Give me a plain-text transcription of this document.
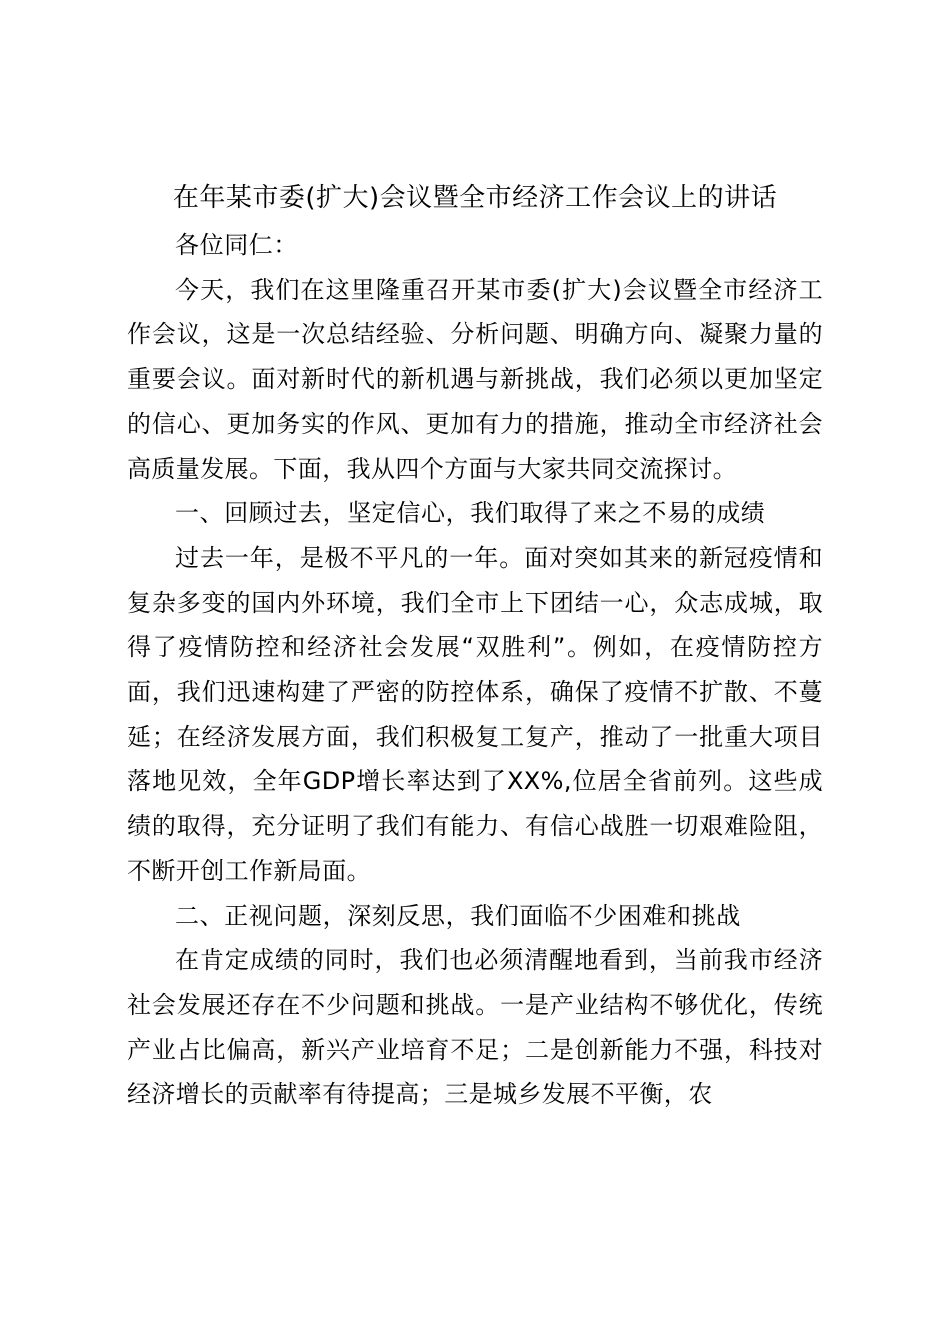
在年某市委(扩大)会议暨全市经济工作会议上的讲话

各位同仁：

今天，我们在这里隆重召开某市委(扩大)会议暨全市经济工作会议，这是一次总结经验、分析问题、明确方向、凝聚力量的重要会议。面对新时代的新机遇与新挑战，我们必须以更加坚定的信心、更加务实的作风、更加有力的措施，推动全市经济社会高质量发展。下面，我从四个方面与大家共同交流探讨。

一、回顾过去，坚定信心，我们取得了来之不易的成绩

过去一年，是极不平凡的一年。面对突如其来的新冠疫情和复杂多变的国内外环境，我们全市上下团结一心，众志成城，取得了疫情防控和经济社会发展“双胜利”。例如，在疫情防控方面，我们迅速构建了严密的防控体系，确保了疫情不扩散、不蔓延；在经济发展方面，我们积极复工复产，推动了一批重大项目落地见效，全年GDP增长率达到了XX%,位居全省前列。这些成绩的取得，充分证明了我们有能力、有信心战胜一切艰难险阻，不断开创工作新局面。

二、正视问题，深刻反思，我们面临不少困难和挑战

在肯定成绩的同时，我们也必须清醒地看到，当前我市经济社会发展还存在不少问题和挑战。一是产业结构不够优化，传统产业占比偏高，新兴产业培育不足；二是创新能力不强，科技对经济增长的贡献率有待提高；三是城乡发展不平衡，农
